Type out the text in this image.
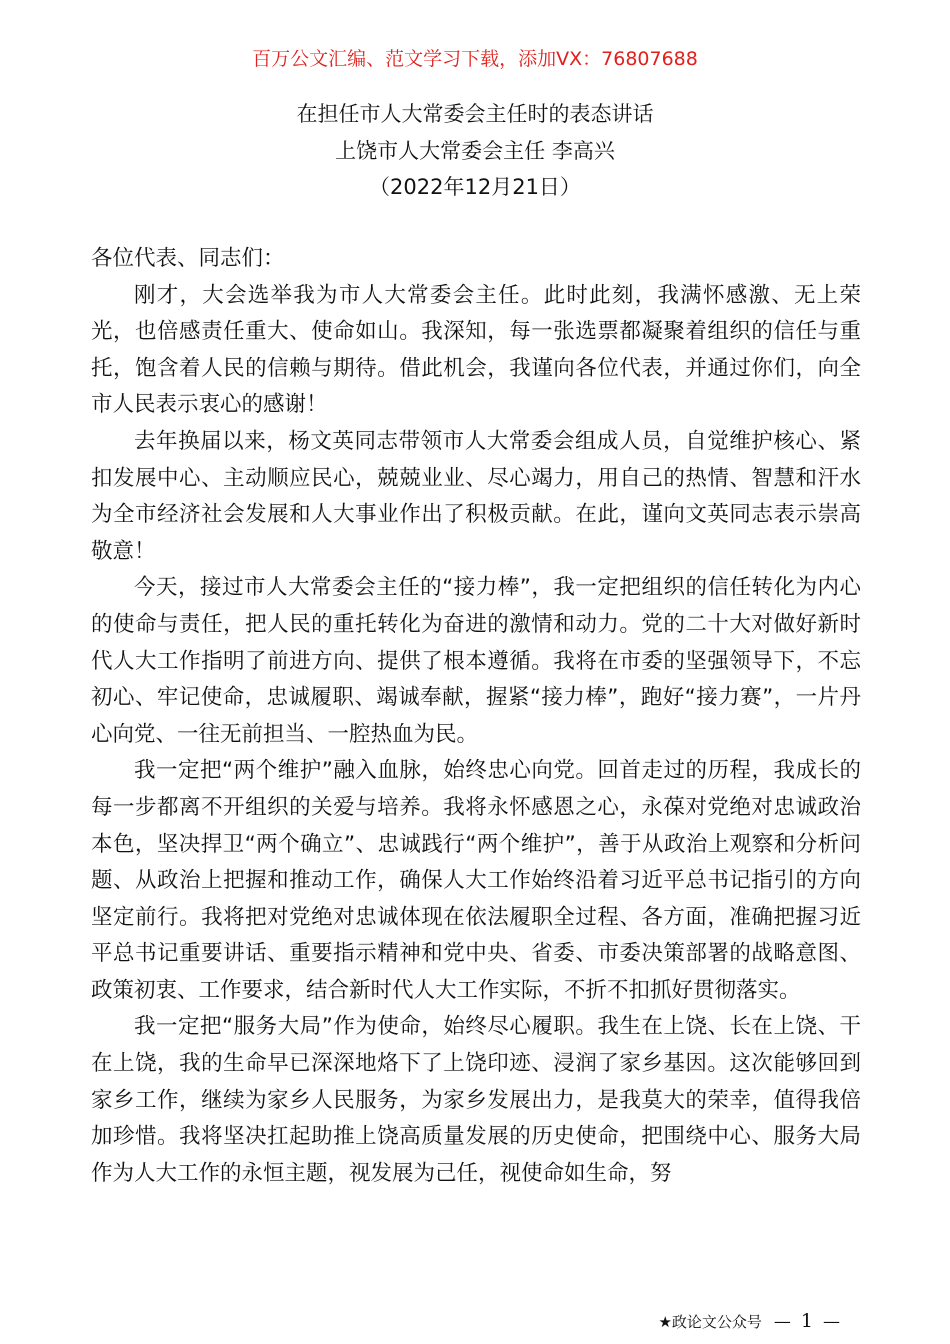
百万公文汇编、范文学习下载，添加VX：76807688
在担任市人大常委会主任时的表态讲话
上饶市人大常委会主任 李高兴
（2022年12月21日）

各位代表、同志们：

刚才，大会选举我为市人大常委会主任。此时此刻，我满怀感激、无上荣光，也倍感责任重大、使命如山。我深知，每一张选票都凝聚着组织的信任与重托，饱含着人民的信赖与期待。借此机会，我谨向各位代表，并通过你们，向全市人民表示衷心的感谢！

去年换届以来，杨文英同志带领市人大常委会组成人员，自觉维护核心、紧扣发展中心、主动顺应民心，兢兢业业、尽心竭力，用自己的热情、智慧和汗水为全市经济社会发展和人大事业作出了积极贡献。在此，谨向文英同志表示崇高敬意！

今天，接过市人大常委会主任的“接力棒”，我一定把组织的信任转化为内心的使命与责任，把人民的重托转化为奋进的激情和动力。党的二十大对做好新时代人大工作指明了前进方向、提供了根本遵循。我将在市委的坚强领导下，不忘初心、牢记使命，忠诚履职、竭诚奉献，握紧“接力棒”，跑好“接力赛”，一片丹心向党、一往无前担当、一腔热血为民。

我一定把“两个维护”融入血脉，始终忠心向党。回首走过的历程，我成长的每一步都离不开组织的关爱与培养。我将永怀感恩之心，永葆对党绝对忠诚政治本色，坚决捍卫“两个确立”、忠诚践行“两个维护”，善于从政治上观察和分析问题、从政治上把握和推动工作，确保人大工作始终沿着习近平总书记指引的方向坚定前行。我将把对党绝对忠诚体现在依法履职全过程、各方面，准确把握习近平总书记重要讲话、重要指示精神和党中央、省委、市委决策部署的战略意图、政策初衷、工作要求，结合新时代人大工作实际，不折不扣抓好贯彻落实。

我一定把“服务大局”作为使命，始终尽心履职。我生在上饶、长在上饶、干在上饶，我的生命早已深深地烙下了上饶印迹、浸润了家乡基因。这次能够回到家乡工作，继续为家乡人民服务，为家乡发展出力，是我莫大的荣幸，值得我倍加珍惜。我将坚决扛起助推上饶高质量发展的历史使命，把围绕中心、服务大局作为人大工作的永恒主题，视发展为己任，视使命如生命，努

★政论文公众号 — 1 —
